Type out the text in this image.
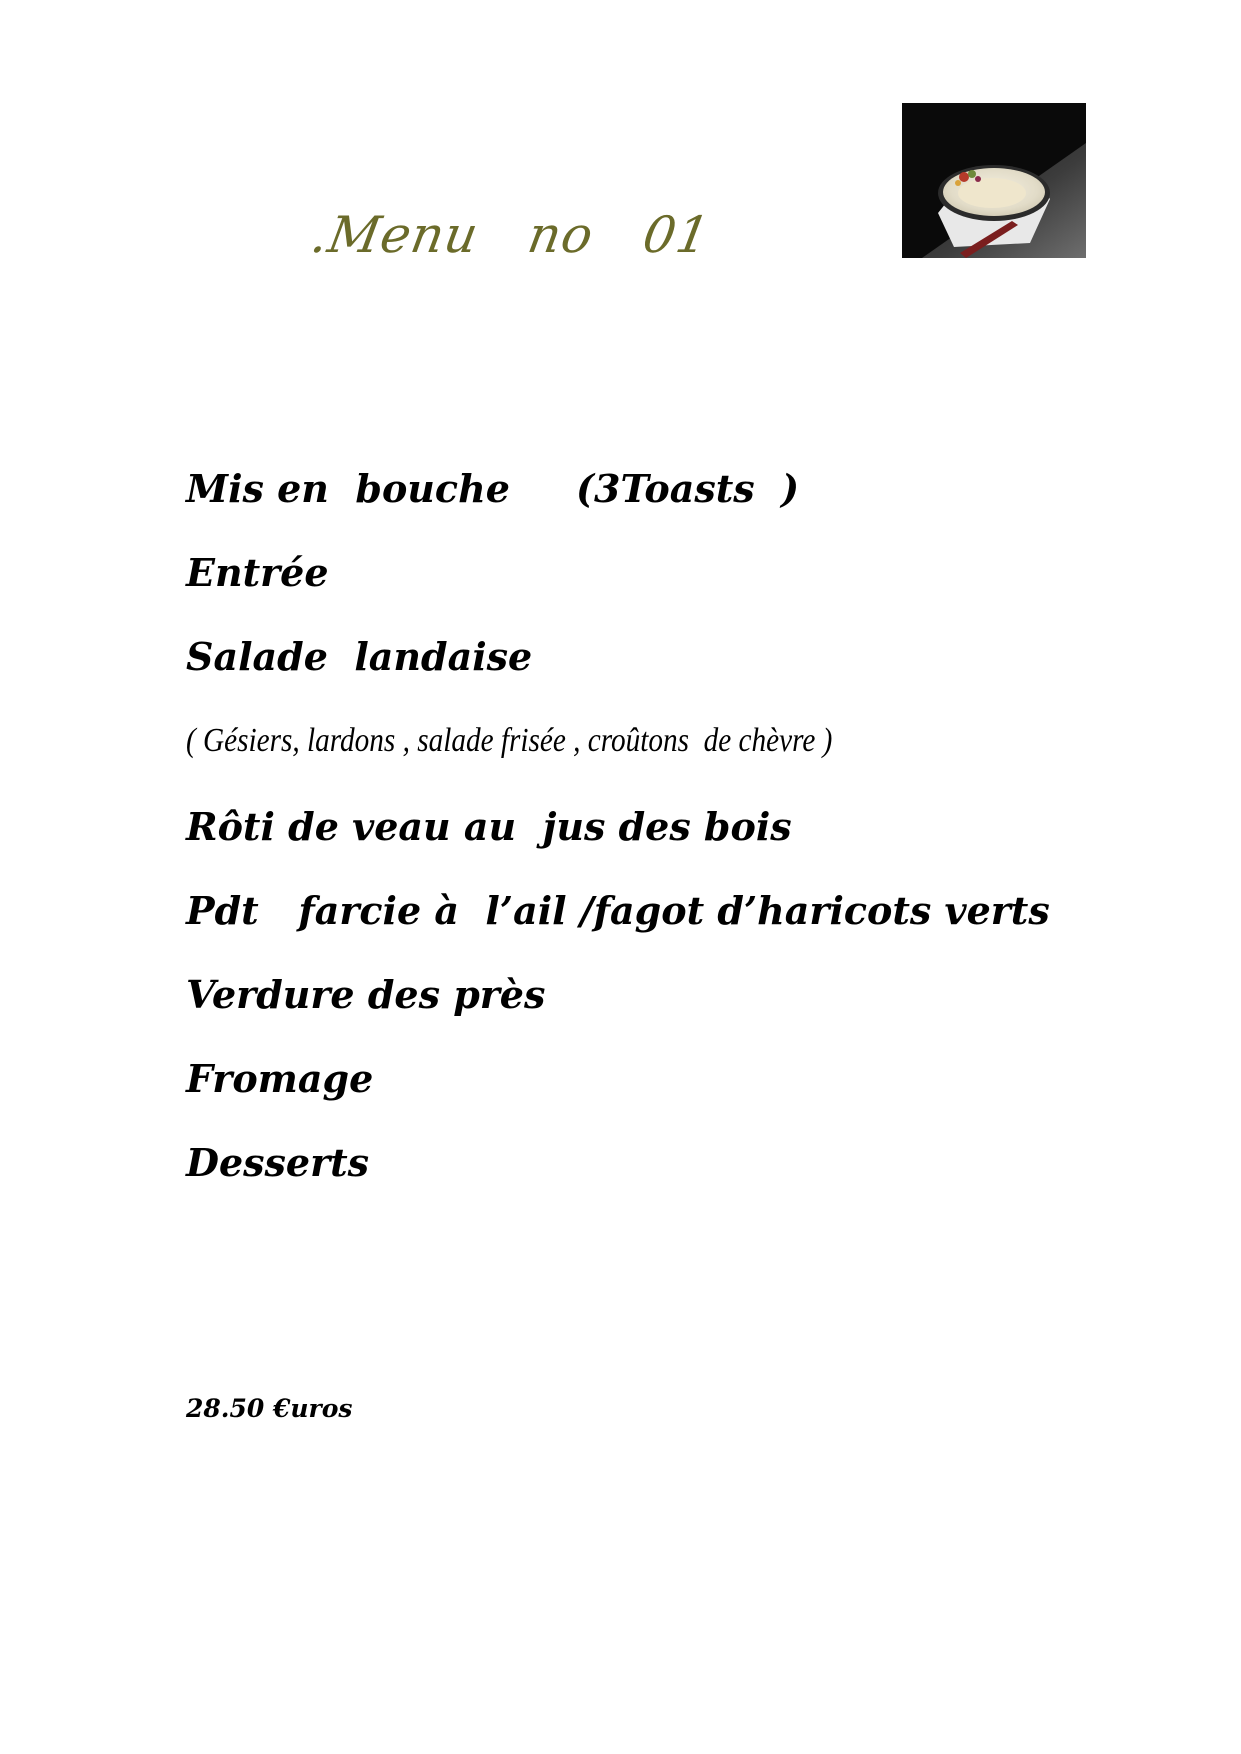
.Menu   no   01
Mis en  bouche     (3Toasts  )
Entrée
Salade  landaise
( Gésiers, lardons , salade frisée , croûtons  de chèvre )
Rôti de veau au  jus des bois
Pdt   farcie à  l’ail /fagot d’haricots verts
Verdure des près
Fromage
Desserts
28.50 €uros
